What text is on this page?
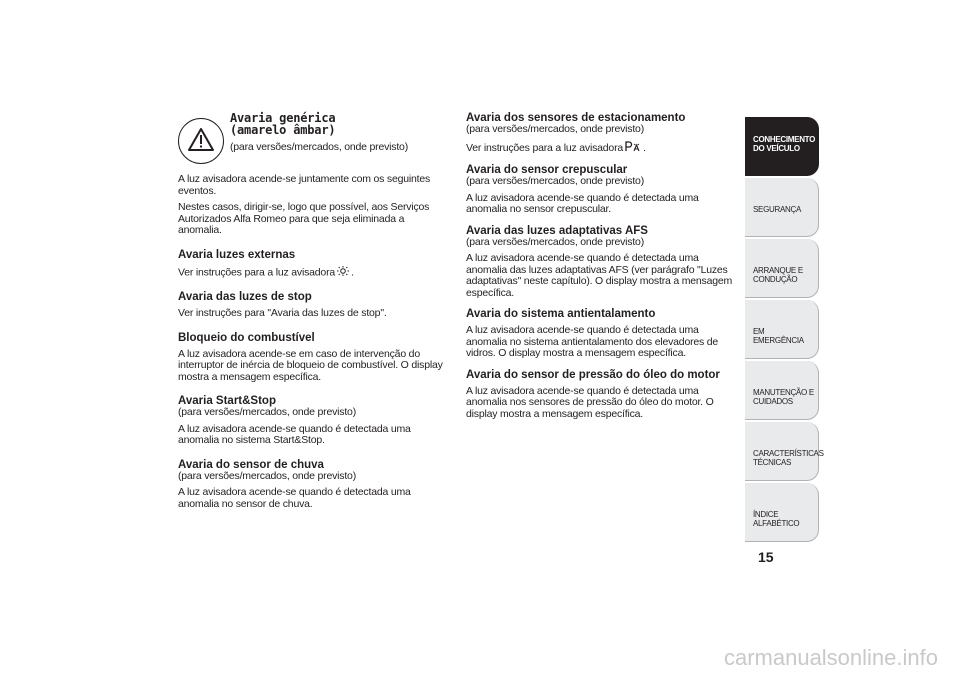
Avaria genérica
(amarelo âmbar)
(para versões/mercados, onde previsto)

A luz avisadora acende-se juntamente com os seguintes eventos.

Nestes casos, dirigir-se, logo que possível, aos Serviços Autorizados Alfa Romeo para que seja eliminada a anomalia.

Avaria luzes externas

Ver instruções para a luz avisadora .

Avaria das luzes de stop

Ver instruções para "Avaria das luzes de stop".

Bloqueio do combustível

A luz avisadora acende-se em caso de intervenção do interruptor de inércia de bloqueio de combustível. O display mostra a mensagem específica.

Avaria Start&Stop

(para versões/mercados, onde previsto)

A luz avisadora acende-se quando é detectada uma anomalia no sistema Start&Stop.

Avaria do sensor de chuva

(para versões/mercados, onde previsto)

A luz avisadora acende-se quando é detectada uma anomalia no sensor de chuva.

Avaria dos sensores de estacionamento

(para versões/mercados, onde previsto)

Ver instruções para a luz avisadora .

Avaria do sensor crepuscular

(para versões/mercados, onde previsto)

A luz avisadora acende-se quando é detectada uma anomalia no sensor crepuscular.

Avaria das luzes adaptativas AFS

(para versões/mercados, onde previsto)

A luz avisadora acende-se quando é detectada uma anomalia das luzes adaptativas AFS (ver parágrafo "Luzes adaptativas" neste capítulo). O display mostra a mensagem específica.

Avaria do sistema antientalamento

A luz avisadora acende-se quando é detectada uma anomalia no sistema antientalamento dos elevadores de vidros. O display mostra a mensagem específica.

Avaria do sensor de pressão do óleo do motor

A luz avisadora acende-se quando é detectada uma anomalia nos sensores de pressão do óleo do motor. O display mostra a mensagem específica.

CONHECIMENTO
DO VEÍCULO
SEGURANÇA
ARRANQUE E
CONDUÇÃO
EM EMERGÊNCIA
MANUTENÇÃO E
CUIDADOS
CARACTERÍSTICAS
TÉCNICAS
ÍNDICE ALFABÉTICO
15
carmanualsonline.info
